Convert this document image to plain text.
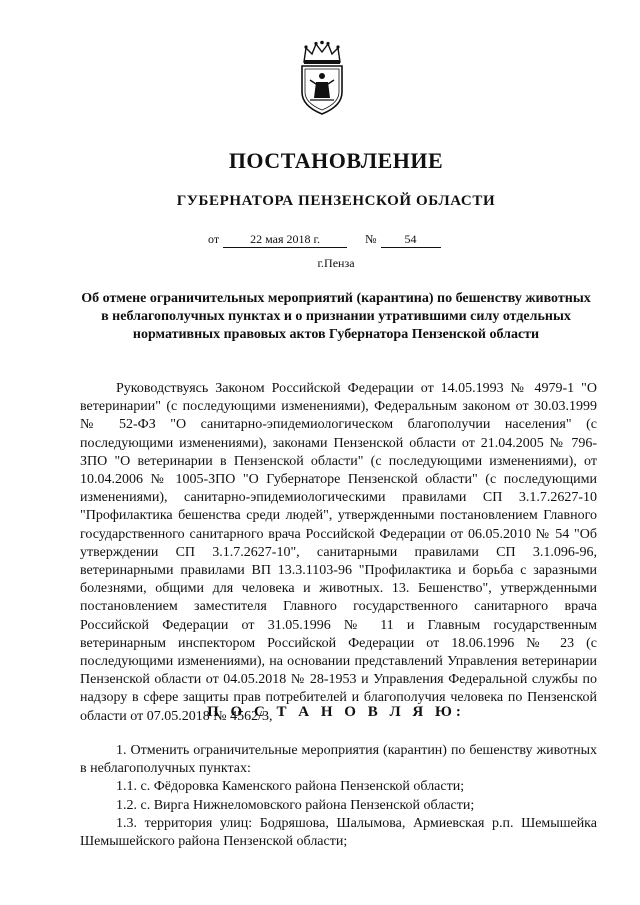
ПОСТАНОВЛЕНИЕ
ГУБЕРНАТОРА ПЕНЗЕНСКОЙ ОБЛАСТИ
от	22 мая 2018 г.	№	54
г.Пенза
Об отмене ограничительных мероприятий (карантина) по бешенству животных в неблагополучных пунктах и о признании утратившими силу отдельных нормативных правовых актов Губернатора Пензенской области
Руководствуясь Законом Российской Федерации от 14.05.1993 № 4979-1 "О ветеринарии" (с последующими изменениями), Федеральным законом от 30.03.1999 № 52-ФЗ "О санитарно-эпидемиологическом благополучии населения" (с последующими изменениями), законами Пензенской области от 21.04.2005 № 796-ЗПО "О ветеринарии в Пензенской области" (с последующими изменениями), от 10.04.2006 № 1005-ЗПО "О Губернаторе Пензенской области" (с последующими изменениями), санитарно-эпидемиологическими правилами СП 3.1.7.2627-10 "Профилактика бешенства среди людей", утвержденными постановлением Главного государственного санитарного врача Российской Федерации от 06.05.2010 № 54 "Об утверждении СП 3.1.7.2627-10", санитарными правилами СП 3.1.096-96, ветеринарными правилами ВП 13.3.1103-96 "Профилактика и борьба с заразными болезнями, общими для человека и животных. 13. Бешенство", утвержденными постановлением заместителя Главного государственного санитарного врача Российской Федерации от 31.05.1996 № 11 и Главным государственным ветеринарным инспектором Российской Федерации от 18.06.1996 № 23 (с последующими изменениями), на основании представлений Управления ветеринарии Пензенской области от 04.05.2018 № 28-1953 и Управления Федеральной службы по надзору в сфере защиты прав потребителей и благополучия человека по Пензенской области от 07.05.2018 № 4562/3,
П О С Т А Н О В Л Я Ю:

1. Отменить ограничительные мероприятия (карантин) по бешенству животных в неблагополучных пунктах:

1.1. с. Фёдоровка Каменского района Пензенской области;

1.2. с. Вирга Нижнеломовского района Пензенской области;

1.3. территория улиц: Бодряшова, Шалымова, Армиевская р.п. Шемышейка Шемышейского района Пензенской области;
